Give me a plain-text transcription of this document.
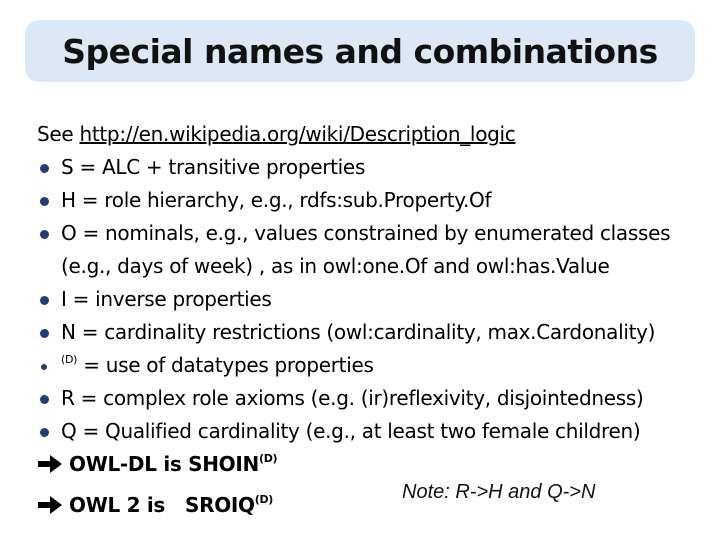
Special names and combinations
See http://en.wikipedia.org/wiki/Description_logic
S = ALC + transitive properties
H = role hierarchy, e.g., rdfs:sub.Property.Of
O = nominals, e.g., values constrained by enumerated classes
(e.g., days of week) , as in owl:one.Of and owl:has.Value
I = inverse properties
N = cardinality restrictions (owl:cardinality, max.Cardonality)
$^{(D)}$ = use of datatypes properties
R = complex role axioms (e.g. (ir)reflexivity, disjointedness)
Q = Qualified cardinality (e.g., at least two female children)
OWL-DL is $SHOIN^{(D)}$
OWL 2 is   $SROIQ^{(D)}$	Note: R->H and Q->N
